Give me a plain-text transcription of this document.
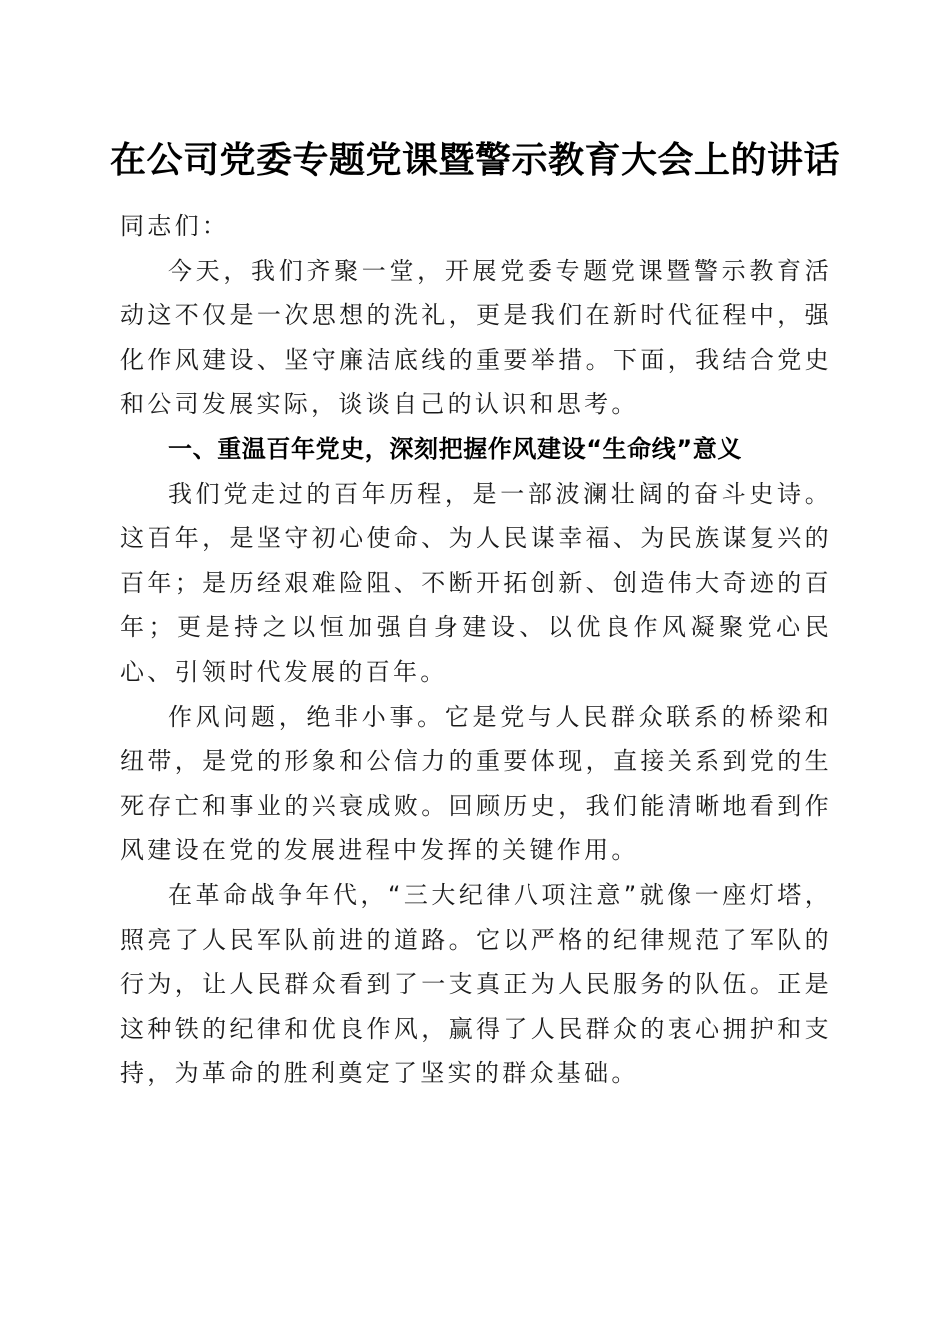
在公司党委专题党课暨警示教育大会上的讲话

同志们：

今天，我们齐聚一堂，开展党委专题党课暨警示教育活动这不仅是一次思想的洗礼，更是我们在新时代征程中，强化作风建设、坚守廉洁底线的重要举措。下面，我结合党史和公司发展实际，谈谈自己的认识和思考。

一、重温百年党史，深刻把握作风建设“生命线”意义

我们党走过的百年历程，是一部波澜壮阔的奋斗史诗。这百年，是坚守初心使命、为人民谋幸福、为民族谋复兴的百年；是历经艰难险阻、不断开拓创新、创造伟大奇迹的百年；更是持之以恒加强自身建设、以优良作风凝聚党心民心、引领时代发展的百年。

作风问题，绝非小事。它是党与人民群众联系的桥梁和纽带，是党的形象和公信力的重要体现，直接关系到党的生死存亡和事业的兴衰成败。回顾历史，我们能清晰地看到作风建设在党的发展进程中发挥的关键作用。

在革命战争年代，“三大纪律八项注意”就像一座灯塔，照亮了人民军队前进的道路。它以严格的纪律规范了军队的行为，让人民群众看到了一支真正为人民服务的队伍。正是这种铁的纪律和优良作风，赢得了人民群众的衷心拥护和支持，为革命的胜利奠定了坚实的群众基础。
